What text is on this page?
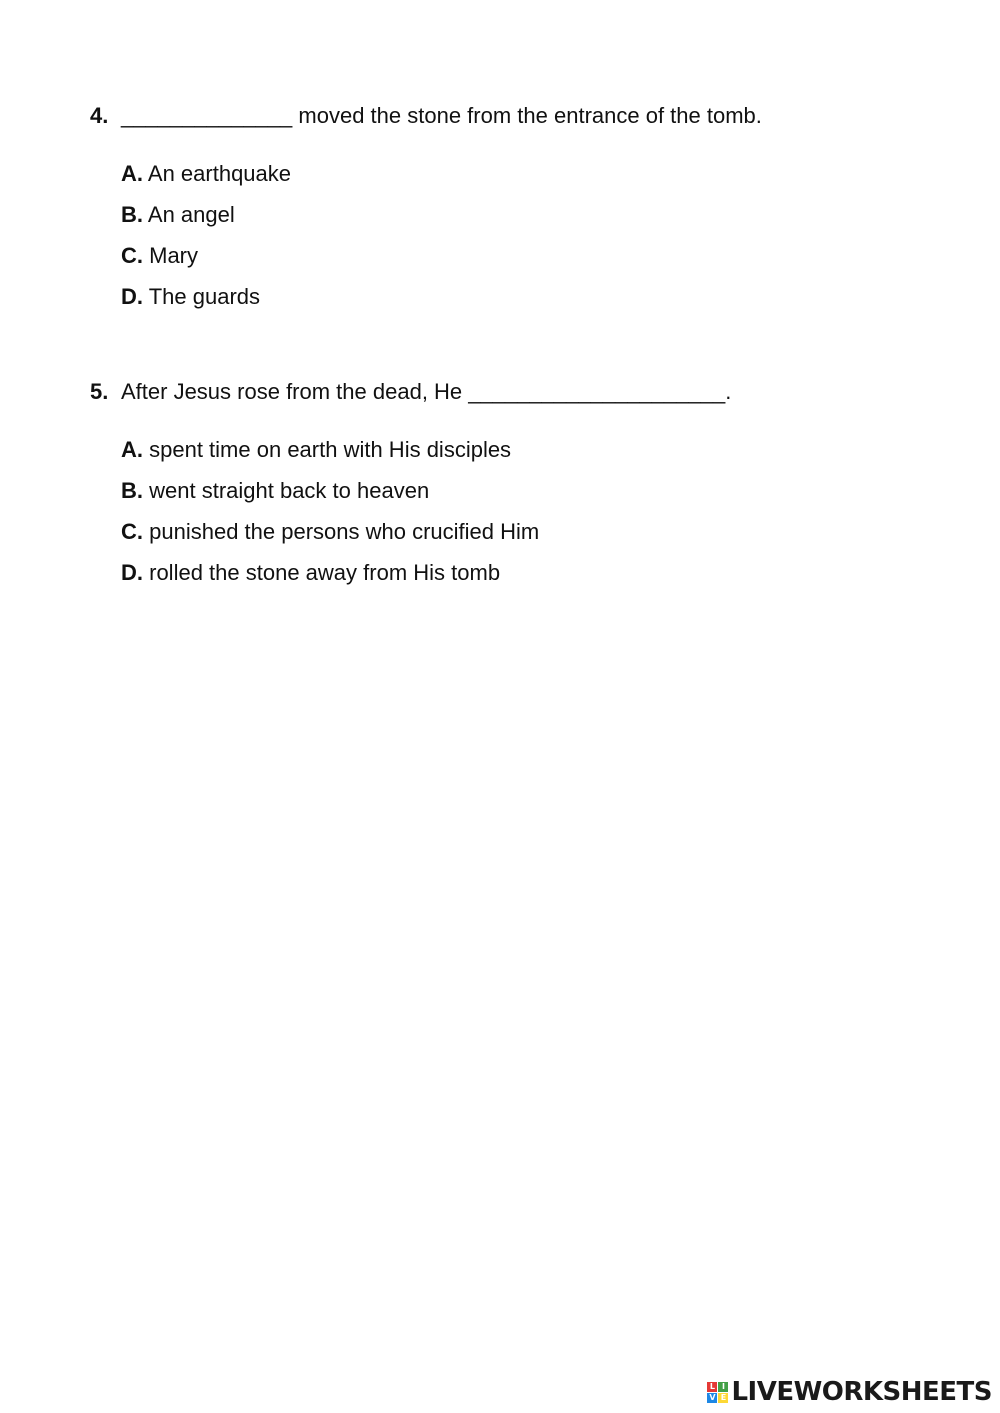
4. ______________ moved the stone from the entrance of the tomb.
A. An earthquake
B. An angel
C. Mary
D. The guards
5. After Jesus rose from the dead, He _____________________.
A. spent time on earth with His disciples
B. went straight back to heaven
C. punished the persons who crucified Him
D. rolled the stone away from His tomb
L I
V E LIVEWORKSHEETS
